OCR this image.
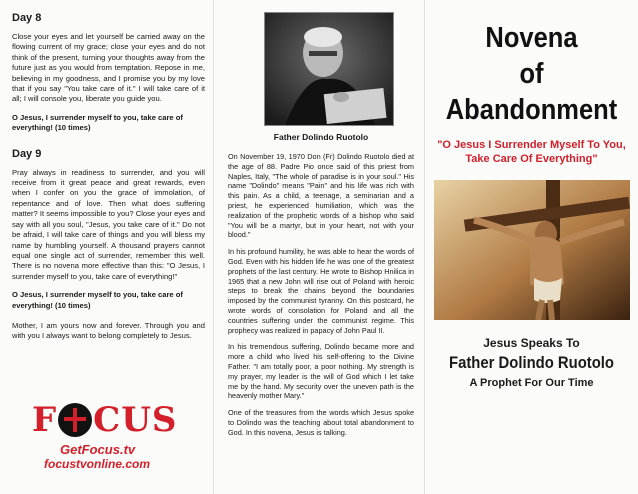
Day 8

Close your eyes and let yourself be carried away on the flowing current of my grace; close your eyes and do not think of the present, turning your thoughts away from the future just as you would from temptation. Repose in me, believing in my goodness, and I promise you by my love that if you say "You take care of it." I will take care of it all; I will console you, liberate you guide you.

O Jesus, I surrender myself to you, take care of everything! (10 times)

Day 9

Pray always in readiness to surrender, and you will receive from it great peace and great rewards, even when I confer on you the grace of immolation, of repentance and of love. Then what does suffering matter? It seems impossible to you? Close your eyes and say with all you soul, "Jesus, you take care of it." Do not be afraid, I will take care of things and you will bless my name by humbling yourself. A thousand prayers cannot equal one single act of surrender, remember this well. There is no novena more effective than this: "O Jesus, I surrender myself to you, take care of everything!"

O Jesus, I surrender myself to you, take care of everything! (10 times)

Mother, I am yours now and forever. Through you and with you I always want to belong completely to Jesus.

F CUS
GetFocus.tv
focustvonline.com
Father Dolindo Ruotolo

On November 19, 1970 Don (Fr) Dolindo Ruotolo died at the age of 88. Padre Pio once said of this priest from Naples, Italy, "The whole of paradise is in your soul." His name "Dolindo" means "Pain" and his life was rich with this pain. As a child, a teenage, a seminarian and a priest, he experienced humiliation, which was the realization of the prophetic words of a bishop who said "You will be a martyr, but in your heart, not with your blood."

In his profound humility, he was able to hear the words of God. Even with his hidden life he was one of the greatest prophets of the last century. He wrote to Bishop Hnilica in 1965 that a new John will rise out of Poland with heroic steps to break the chains beyond the boundaries imposed by the communist tyranny. On this postcard, he wrote words of consolation for Poland and all the countries suffering under the communist regime. This prophecy was realized in papacy of John Paul II.

In his tremendous suffering, Dolindo became more and more a child who lived his self-offering to the Divine Father. "I am totally poor, a poor nothing. My strength is my prayer, my leader is the will of God which I let take me by the hand. My security over the uneven path is the heavenly mother Mary."

One of the treasures from the words which Jesus spoke to Dolindo was the teaching about total abandonment to God. In this novena, Jesus is talking.

Novena
of
Abandonment

"O Jesus I Surrender Myself To You, Take Care Of Everything"

Jesus Speaks To

Father Dolindo Ruotolo

A Prophet For Our Time
